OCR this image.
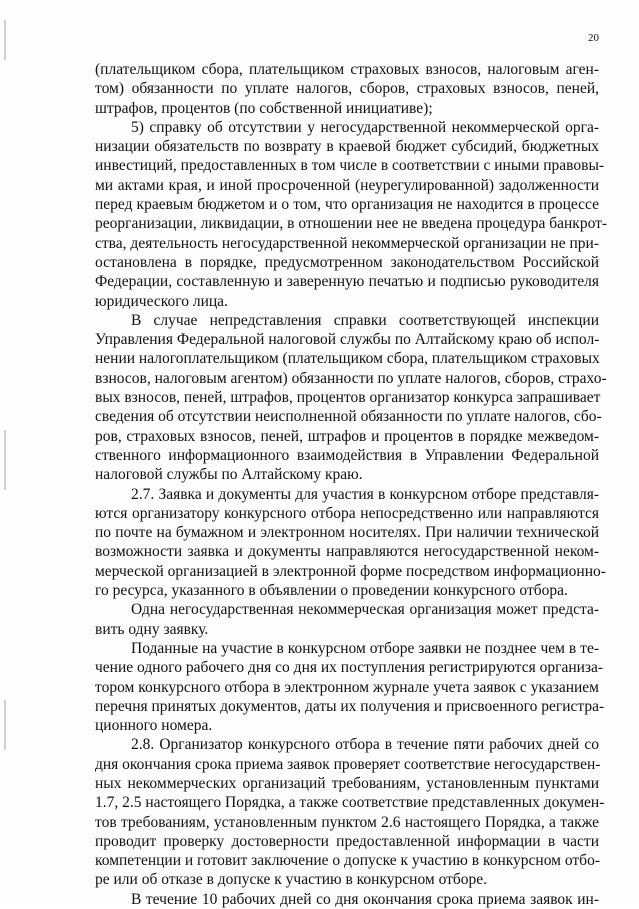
20
(плательщиком сбора, плательщиком страховых взносов, налоговым аген-
том) обязанности по уплате налогов, сборов, страховых взносов, пеней,
штрафов, процентов (по собственной инициативе);
5) справку об отсутствии у негосударственной некоммерческой орга-
низации обязательств по возврату в краевой бюджет субсидий, бюджетных
инвестиций, предоставленных в том числе в соответствии с иными правовы-
ми актами края, и иной просроченной (неурегулированной) задолженности
перед краевым бюджетом и о том, что организация не находится в процессе
реорганизации, ликвидации, в отношении нее не введена процедура банкрот-
ства, деятельность негосударственной некоммерческой организации не при-
остановлена в порядке, предусмотренном законодательством Российской
Федерации, составленную и заверенную печатью и подписью руководителя
юридического лица.
В случае непредставления справки соответствующей инспекции
Управления Федеральной налоговой службы по Алтайскому краю об испол-
нении налогоплательщиком (плательщиком сбора, плательщиком страховых
взносов, налоговым агентом) обязанности по уплате налогов, сборов, страхо-
вых взносов, пеней, штрафов, процентов организатор конкурса запрашивает
сведения об отсутствии неисполненной обязанности по уплате налогов, сбо-
ров, страховых взносов, пеней, штрафов и процентов в порядке межведом-
ственного информационного взаимодействия в Управлении Федеральной
налоговой службы по Алтайскому краю.
2.7. Заявка и документы для участия в конкурсном отборе представля-
ются организатору конкурсного отбора непосредственно или направляются
по почте на бумажном и электронном носителях. При наличии технической
возможности заявка и документы направляются негосударственной неком-
мерческой организацией в электронной форме посредством информационно-
го ресурса, указанного в объявлении о проведении конкурсного отбора.
Одна негосударственная некоммерческая организация может предста-
вить одну заявку.
Поданные на участие в конкурсном отборе заявки не позднее чем в те-
чение одного рабочего дня со дня их поступления регистрируются организа-
тором конкурсного отбора в электронном журнале учета заявок с указанием
перечня принятых документов, даты их получения и присвоенного регистра-
ционного номера.
2.8. Организатор конкурсного отбора в течение пяти рабочих дней со
дня окончания срока приема заявок проверяет соответствие негосударствен-
ных некоммерческих организаций требованиям, установленным пунктами
1.7, 2.5 настоящего Порядка, а также соответствие представленных докумен-
тов требованиям, установленным пунктом 2.6 настоящего Порядка, а также
проводит проверку достоверности предоставленной информации в части
компетенции и готовит заключение о допуске к участию в конкурсном отбо-
ре или об отказе в допуске к участию в конкурсном отборе.
В течение 10 рабочих дней со дня окончания срока приема заявок ин-
